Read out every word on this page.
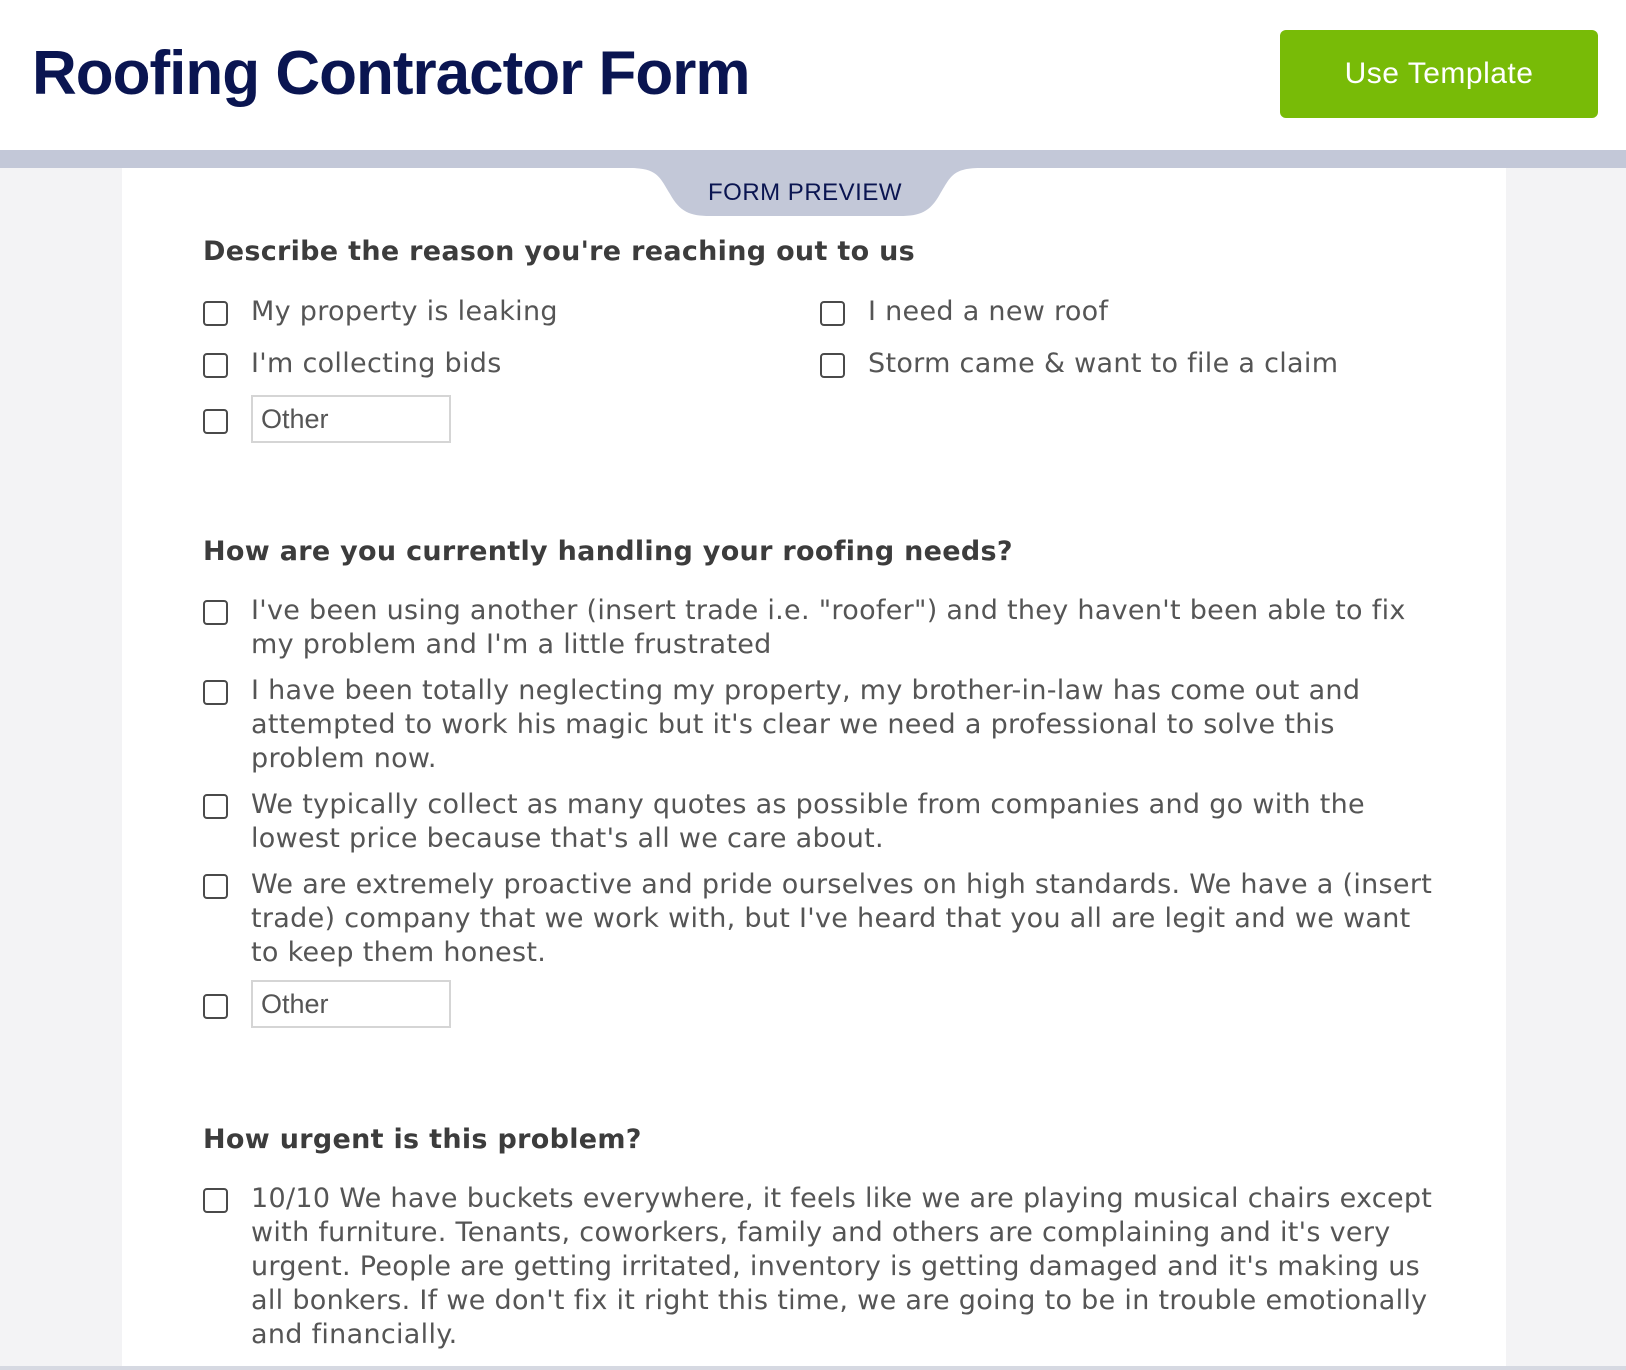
Roofing Contractor Form	Use Template
FORM PREVIEW
Describe the reason you're reaching out to us
My property is leaking	I need a new roof
I'm collecting bids	Storm came & want to file a claim
Other
How are you currently handling your roofing needs?
I've been using another (insert trade i.e. "roofer") and they haven't been able to fix my problem and I'm a little frustrated
I have been totally neglecting my property, my brother-in-law has come out and attempted to work his magic but it's clear we need a professional to solve this problem now.
We typically collect as many quotes as possible from companies and go with the lowest price because that's all we care about.
We are extremely proactive and pride ourselves on high standards. We have a (insert trade) company that we work with, but I've heard that you all are legit and we want to keep them honest.
Other
How urgent is this problem?
10/10 We have buckets everywhere, it feels like we are playing musical chairs except with furniture. Tenants, coworkers, family and others are complaining and it's very urgent. People are getting irritated, inventory is getting damaged and it's making us all bonkers. If we don't fix it right this time, we are going to be in trouble emotionally and financially.
